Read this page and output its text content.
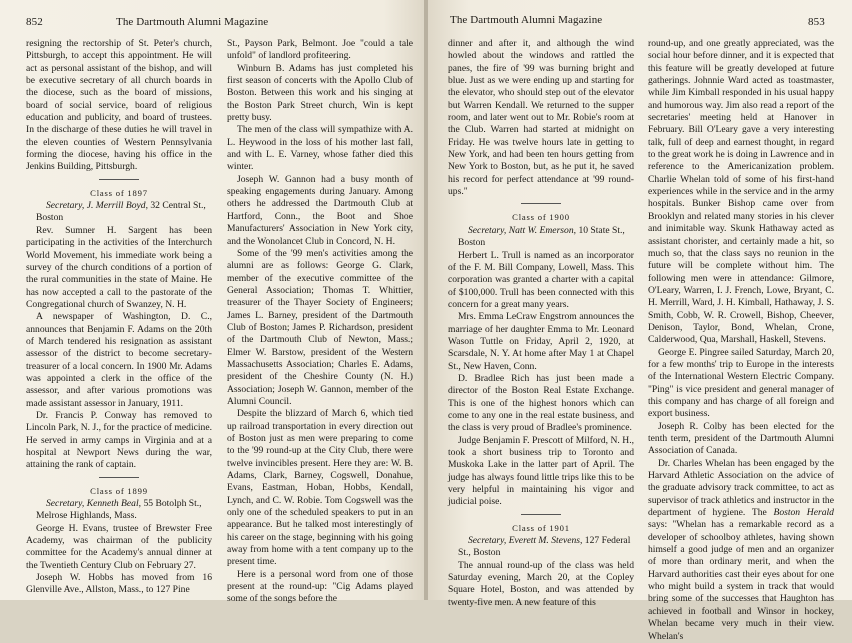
852	The Dartmouth Alumni Magazine

resigning the rectorship of St. Peter's church, Pittsburgh, to accept this appointment. He will act as personal assistant of the bishop, and will be executive secretary of all church boards in the diocese, such as the board of missions, board of social service, board of religious education and publicity, and board of trustees. In the discharge of these duties he will travel in the eleven counties of Western Pennsylvania forming the diocese, having his office in the Jenkins Building, Pittsburgh.

Class of 1897

Secretary, J. Merrill Boyd, 32 Central St., Boston

Rev. Sumner H. Sargent has been participating in the activities of the Interchurch World Movement, his immediate work being a survey of the church conditions of a portion of the rural communities in the state of Maine. He has now accepted a call to the pastorate of the Congregational church of Swanzey, N. H.

A newspaper of Washington, D. C., announces that Benjamin F. Adams on the 20th of March tendered his resignation as assistant assessor of the district to become secretary-treasurer of a local concern. In 1900 Mr. Adams was appointed a clerk in the office of the assessor, and after various promotions was made assistant assessor in January, 1911.

Dr. Francis P. Conway has removed to Lincoln Park, N. J., for the practice of medicine. He served in army camps in Virginia and at a hospital at Newport News during the war, attaining the rank of captain.

Class of 1899

Secretary, Kenneth Beal, 55 Botolph St., Melrose Highlands, Mass.

George H. Evans, trustee of Brewster Free Academy, was chairman of the publicity committee for the Academy's annual dinner at the Twentieth Century Club on February 27.

Joseph W. Hobbs has moved from 16 Glenville Ave., Allston, Mass., to 127 Pine

St., Payson Park, Belmont. Joe "could a tale unfold" of landlord profiteering.

Winburn B. Adams has just completed his first season of concerts with the Apollo Club of Boston. Between this work and his singing at the Boston Park Street church, Win is kept pretty busy.

The men of the class will sympathize with A. L. Heywood in the loss of his mother last fall, and with L. E. Varney, whose father died this winter.

Joseph W. Gannon had a busy month of speaking engagements during January. Among others he addressed the Dartmouth Club at Hartford, Conn., the Boot and Shoe Manufacturers' Association in New York city, and the Wonolancet Club in Concord, N. H.

Some of the '99 men's activities among the alumni are as follows: George G. Clark, member of the executive committee of the General Association; Thomas T. Whittier, treasurer of the Thayer Society of Engineers; James L. Barney, president of the Dartmouth Club of Boston; James P. Richardson, president of the Dartmouth Club of Newton, Mass.; Elmer W. Barstow, president of the Western Massachusetts Association; Charles E. Adams, president of the Cheshire County (N. H.) Association; Joseph W. Gannon, member of the Alumni Council.

Despite the blizzard of March 6, which tied up railroad transportation in every direction out of Boston just as men were preparing to come to the '99 round-up at the City Club, there were twelve invincibles present. Here they are: W. B. Adams, Clark, Barney, Cogswell, Donahue, Evans, Eastman, Hoban, Hobbs, Kendall, Lynch, and C. W. Robie. Tom Cogswell was the only one of the scheduled speakers to put in an appearance. But he talked most interestingly of his career on the stage, beginning with his going away from home with a tent company up to the present time.

Here is a personal word from one of those present at the round-up: "Cig Adams played some of the songs before the

The Dartmouth Alumni Magazine	853

dinner and after it, and although the wind howled about the windows and rattled the panes, the fire of '99 was burning bright and blue. Just as we were ending up and starting for the elevator, who should step out of the elevator but Warren Kendall. We returned to the supper room, and later went out to Mr. Robie's room at the Club. Warren had started at midnight on Friday. He was twelve hours late in getting to New York, and had been ten hours getting from New York to Boston, but, as he put it, he saved his record for perfect attendance at '99 round-ups."

Class of 1900

Secretary, Natt W. Emerson, 10 State St., Boston

Herbert L. Trull is named as an incorporator of the F. M. Bill Company, Lowell, Mass. This corporation was granted a charter with a capital of $100,000. Trull has been connected with this concern for a great many years.

Mrs. Emma LeCraw Engstrom announces the marriage of her daughter Emma to Mr. Leonard Wason Tuttle on Friday, April 2, 1920, at Scarsdale, N. Y. At home after May 1 at Chapel St., New Haven, Conn.

D. Bradlee Rich has just been made a director of the Boston Real Estate Exchange. This is one of the highest honors which can come to any one in the real estate business, and the class is very proud of Bradlee's prominence.

Judge Benjamin F. Prescott of Milford, N. H., took a short business trip to Toronto and Muskoka Lake in the latter part of April. The judge has always found little trips like this to be very helpful in maintaining his vigor and judicial poise.

Class of 1901

Secretary, Everett M. Stevens, 127 Federal St., Boston

The annual round-up of the class was held Saturday evening, March 20, at the Copley Square Hotel, Boston, and was attended by twenty-five men. A new feature of this

round-up, and one greatly appreciated, was the social hour before dinner, and it is expected that this feature will be greatly developed at future gatherings. Johnnie Ward acted as toastmaster, while Jim Kimball responded in his usual happy and humorous way. Jim also read a report of the secretaries' meeting held at Hanover in February. Bill O'Leary gave a very interesting talk, full of deep and earnest thought, in regard to the great work he is doing in Lawrence and in reference to the Americanization problem. Charlie Whelan told of some of his first-hand experiences while in the service and in the army hospitals. Bunker Bishop came over from Brooklyn and related many stories in his clever and inimitable way. Skunk Hathaway acted as assistant chorister, and certainly made a hit, so much so, that the class says no reunion in the future will be complete without him. The following men were in attendance: Gilmore, O'Leary, Warren, I. J. French, Lowe, Bryant, C. H. Merrill, Ward, J. H. Kimball, Hathaway, J. S. Smith, Cobb, W. R. Crowell, Bishop, Cheever, Denison, Taylor, Bond, Whelan, Crone, Calderwood, Qua, Marshall, Haskell, Stevens.

George E. Pingree sailed Saturday, March 20, for a few months' trip to Europe in the interests of the International Western Electric Company. "Ping" is vice president and general manager of this company and has charge of all foreign and export business.

Joseph R. Colby has been elected for the tenth term, president of the Dartmouth Alumni Association of Canada.

Dr. Charles Whelan has been engaged by the Harvard Athletic Association on the advice of the graduate advisory track committee, to act as supervisor of track athletics and instructor in the department of hygiene. The Boston Herald says: "Whelan has a remarkable record as a developer of schoolboy athletes, having shown himself a good judge of men and an organizer of more than ordinary merit, and when the Harvard authorities cast their eyes about for one who might build a system in track that would bring some of the successes that Haughton has achieved in football and Winsor in hockey, Whelan became very much in their view. Whelan's
